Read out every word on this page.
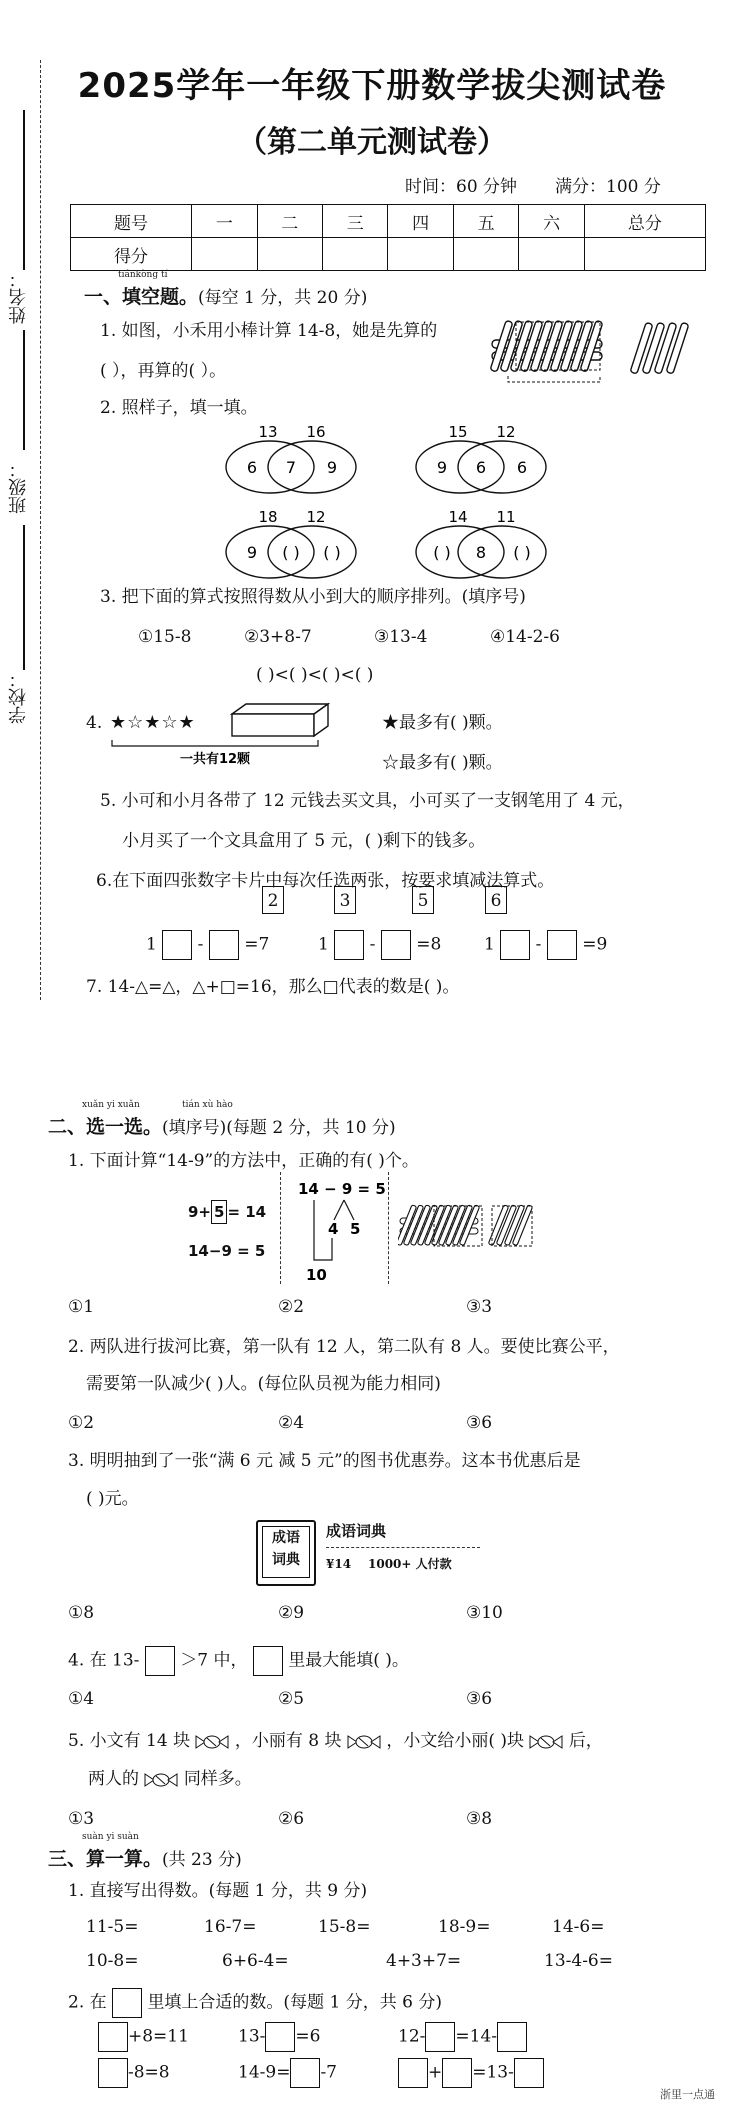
姓名：
班级：
学校：
2025学年一年级下册数学拔尖测试卷
（第二单元测试卷）
时间：60 分钟 满分：100 分
题号	一	二	三	四	五	六	总分
得分							
tiánkòng tí
一、填空题。(每空 1 分，共 20 分)
1. 如图，小禾用小棒计算 14-8，她是先算的
( ），再算的( ）。
2. 照样子，填一填。
13 16
6 7 9
15 12
9 6 6
18 12
9 ( ) ( )
14 11
( ) 8 ( )
3. 把下面的算式按照得数从小到大的顺序排列。(填序号)
①15-8	②3+8-7	③13-4	④14-2-6
( )<( )<( )<( )
4. ★☆★☆★
一共有12颗
★最多有( )颗。
☆最多有( )颗。
5. 小可和小月各带了 12 元钱去买文具，小可买了一支钢笔用了 4 元，
小月买了一个文具盒用了 5 元，( )剩下的钱多。
6.在下面四张数字卡片中每次任选两张，按要求填减法算式。
2	3	5	6
1 - =7	1 - =8	1 - =9
7. 14-△=△，△+□=16，那么□代表的数是( )。
xuǎn yi xuǎn	tián xù hào
二、选一选。(填序号)(每题 2 分，共 10 分)
1. 下面计算“14-9”的方法中，正确的有( )个。
9+ 5 = 14
14−9 = 5
14 − 9 = 5
4 5
10
①1	②2	③3
2. 两队进行拔河比赛，第一队有 12 人，第二队有 8 人。要使比赛公平，
需要第一队减少( )人。(每位队员视为能力相同)
①2	②4	③6
3. 明明抽到了一张“满 6 元 减 5 元”的图书优惠券。这本书优惠后是
( )元。
成语
词典
成语词典
¥14 1000+ 人付款
①8	②9	③10
4. 在 13- ＞7 中， 里最大能填( )。
①4	②5	③6
5. 小文有 14 块	，小丽有 8 块	，小文给小丽( )块	后，
两人的	同样多。
①3	②6	③8
suàn yi suàn
三、算一算。(共 23 分)
1. 直接写出得数。(每题 1 分，共 9 分)
11-5=	16-7=	15-8=	18-9=	14-6=
10-8=	6+6-4=	4+3+7=	13-4-6=
2. 在 里填上合适的数。(每题 1 分，共 6 分)
+8=11	13- =6	12- =14-
-8=8	14-9= -7	+ =13-
浙里一点通
